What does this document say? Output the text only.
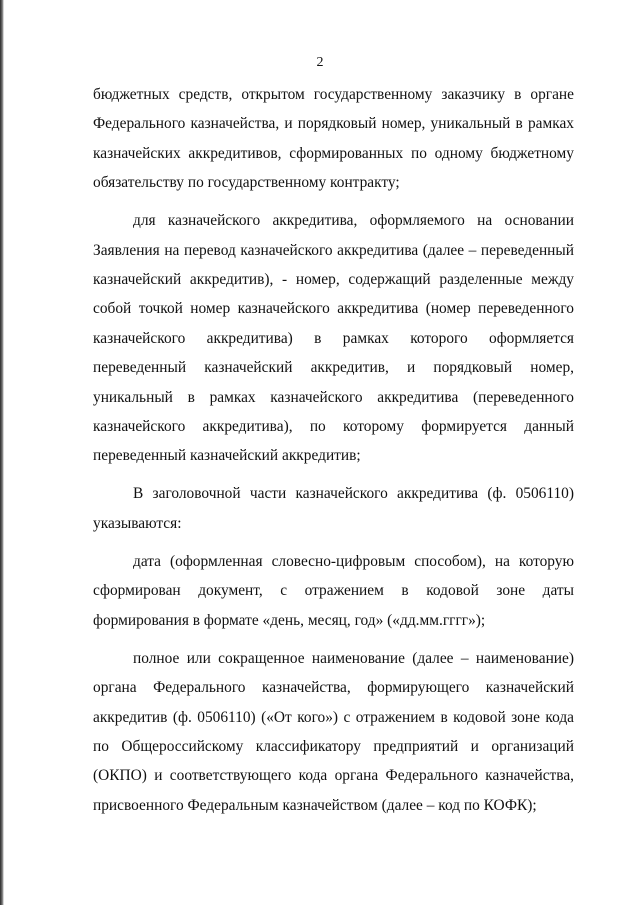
2

бюджетных средств, открытом государственному заказчику в органе Федерального казначейства, и порядковый номер, уникальный в рамках казначейских аккредитивов, сформированных по одному бюджетному обязательству по государственному контракту;

для казначейского аккредитива, оформляемого на основании Заявления на перевод казначейского аккредитива (далее – переведенный казначейский аккредитив), - номер, содержащий разделенные между собой точкой номер казначейского аккредитива (номер переведенного казначейского аккредитива) в рамках которого оформляется переведенный казначейский аккредитив, и порядковый номер, уникальный в рамках казначейского аккредитива (переведенного казначейского аккредитива), по которому формируется данный переведенный казначейский аккредитив;

В заголовочной части казначейского аккредитива (ф. 0506110) указываются:

дата (оформленная словесно-цифровым способом), на которую сформирован документ, с отражением в кодовой зоне даты формирования в формате «день, месяц, год» («дд.мм.гггг»);

полное или сокращенное наименование (далее – наименование) органа Федерального казначейства, формирующего казначейский аккредитив (ф. 0506110) («От кого») с отражением в кодовой зоне кода по Общероссийскому классификатору предприятий и организаций (ОКПО) и соответствующего кода органа Федерального казначейства, присвоенного Федеральным казначейством (далее – код по КОФК);
